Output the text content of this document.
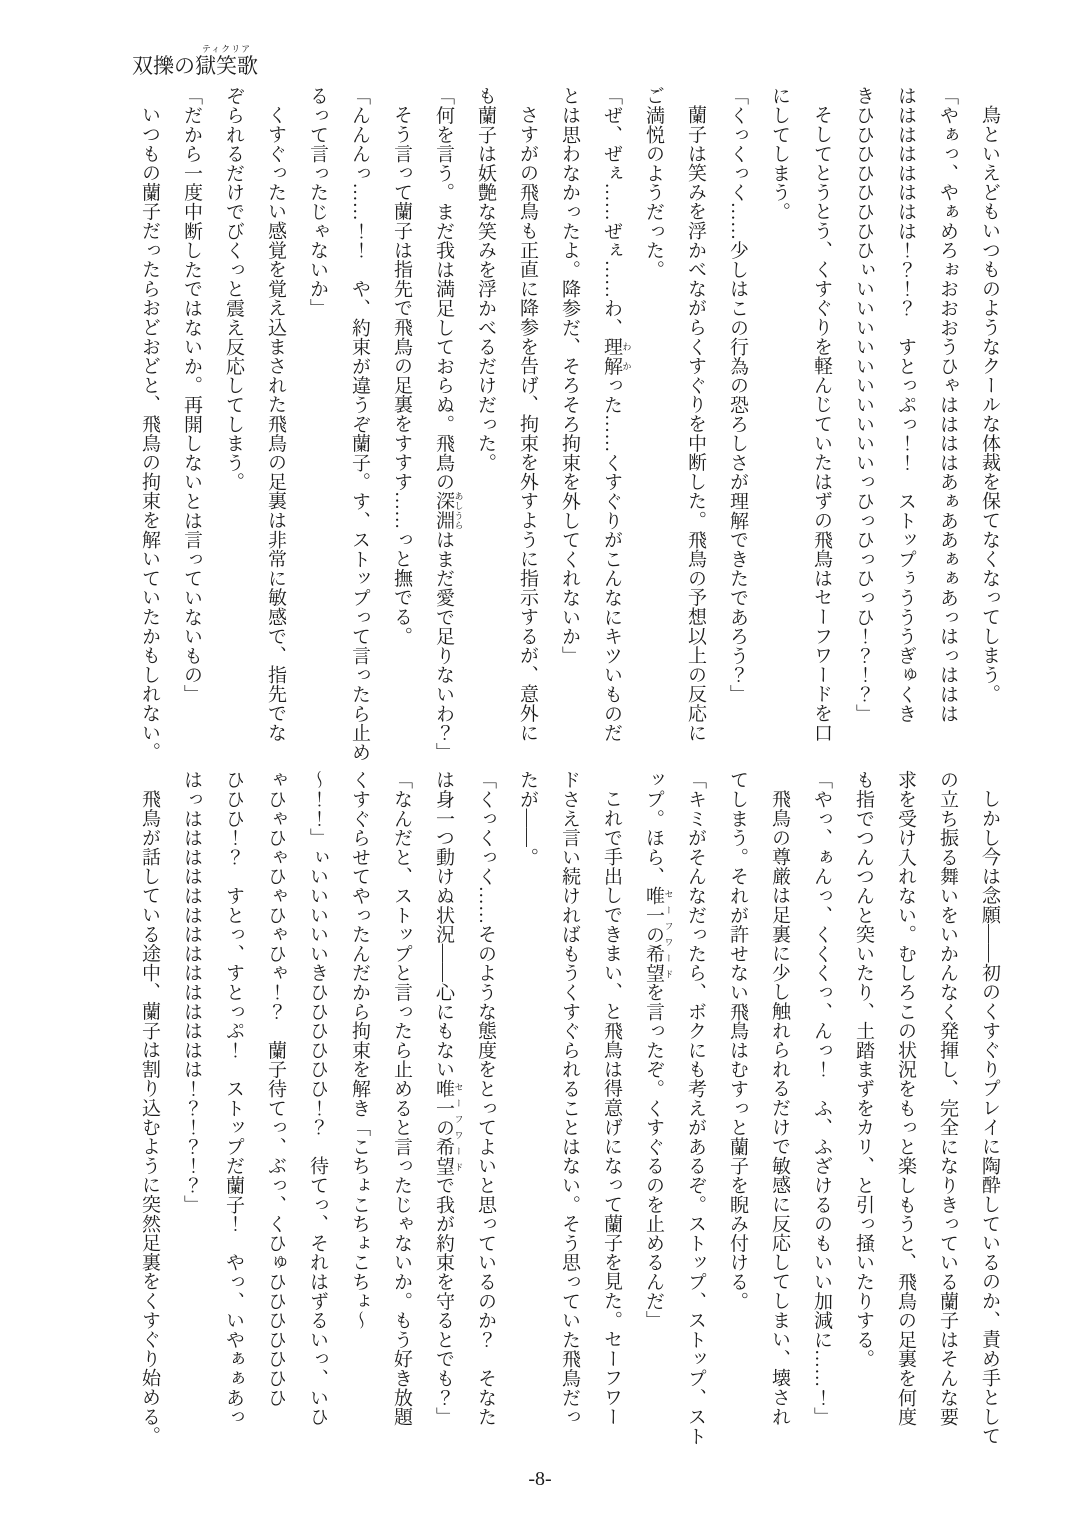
双擽の獄笑歌ティクリア
鳥といえどもいつものようなクールな体裁を保てなくなってしまう。
「やぁっ、やぁめろぉおおおうひゃははははあぁああぁぁあっはっははは
はははははははは！？！？　すとっぷっ！！　ストップぅうううぎゅくき
きひひひひひひひひぃいいいいいいいいいいっひっひっひっひ！？！？」
そしてとうとう、くすぐりを軽んじていたはずの飛鳥はセーフワードを口
にしてしまう。
「くっくっく……少しはこの行為の恐ろしさが理解できたであろう？」
蘭子は笑みを浮かべながらくすぐりを中断した。飛鳥の予想以上の反応に
ご満悦のようだった。
「ぜ、ぜぇ……ぜぇ……わ、理解 わかった……くすぐりがこんなにキツいものだ
とは思わなかったよ。降参だ、そろそろ拘束を外してくれないか」
さすがの飛鳥も正直に降参を告げ、拘束を外すように指示するが、意外に
も蘭子は妖艶な笑みを浮かべるだけだった。
「何を言う。まだ我は満足しておらぬ。飛鳥の深淵 あしうらはまだ愛で足りないわ？」
そう言って蘭子は指先で飛鳥の足裏をすすす……っと撫でる。
「んんんっ……！！　や、約束が違うぞ蘭子。す、ストップって言ったら止め
るって言ったじゃないか」
くすぐったい感覚を覚え込まされた飛鳥の足裏は非常に敏感で、指先でな
ぞられるだけでびくっと震え反応してしまう。
「だから一度中断したではないか。再開しないとは言っていないもの」
いつもの蘭子だったらおどおどと、飛鳥の拘束を解いていたかもしれない。
しかし今は念願――初のくすぐりプレイに陶酔しているのか、責め手として
の立ち振る舞いをいかんなく発揮し、完全になりきっている蘭子はそんな要
求を受け入れない。むしろこの状況をもっと楽しもうと、飛鳥の足裏を何度
も指でつんつんと突いたり、土踏まずをカリ、と引っ掻いたりする。
「やっ、ぁんっ、くくくっ、んっ！　ふ、ふざけるのもいい加減に……！」
飛鳥の尊厳は足裏に少し触れられるだけで敏感に反応してしまい、壊され
てしまう。それが許せない飛鳥はむすっと蘭子を睨み付ける。
「キミがそんなだったら、ボクにも考えがあるぞ。ストップ、ストップ、スト
ップ。ほら、唯一の希望 セーフワードを言ったぞ。くすぐるのを止めるんだ」
これで手出しできまい、と飛鳥は得意げになって蘭子を見た。セーフワー
ドさえ言い続ければもうくすぐられることはない。そう思っていた飛鳥だっ
たが――。
「くっくっく……そのような態度をとってよいと思っているのか？　そなた
は身一つ動けぬ状況――心にもない唯一の希望 セーフワードで我が約束を守るとでも？」
「なんだと、ストップと言ったら止めると言ったじゃないか。もう好き放題
くすぐらせてやったんだから拘束を解き「こちょこちょこちょ〜
〜！！」ぃいいいいいきひひひひひひ！？　待てっ、それはずるいっ、いひ
ゃひゃひゃひゃひゃひゃ！？　蘭子待てっ、ぶっ、くひゅひひひひひひひ
ひひひ！？　すとっ、すとっぷ！　ストップだ蘭子！　やっ、いやぁぁあっ
はっはははははははははははははは！？！？！？」
飛鳥が話している途中、蘭子は割り込むように突然足裏をくすぐり始める。
-8-
